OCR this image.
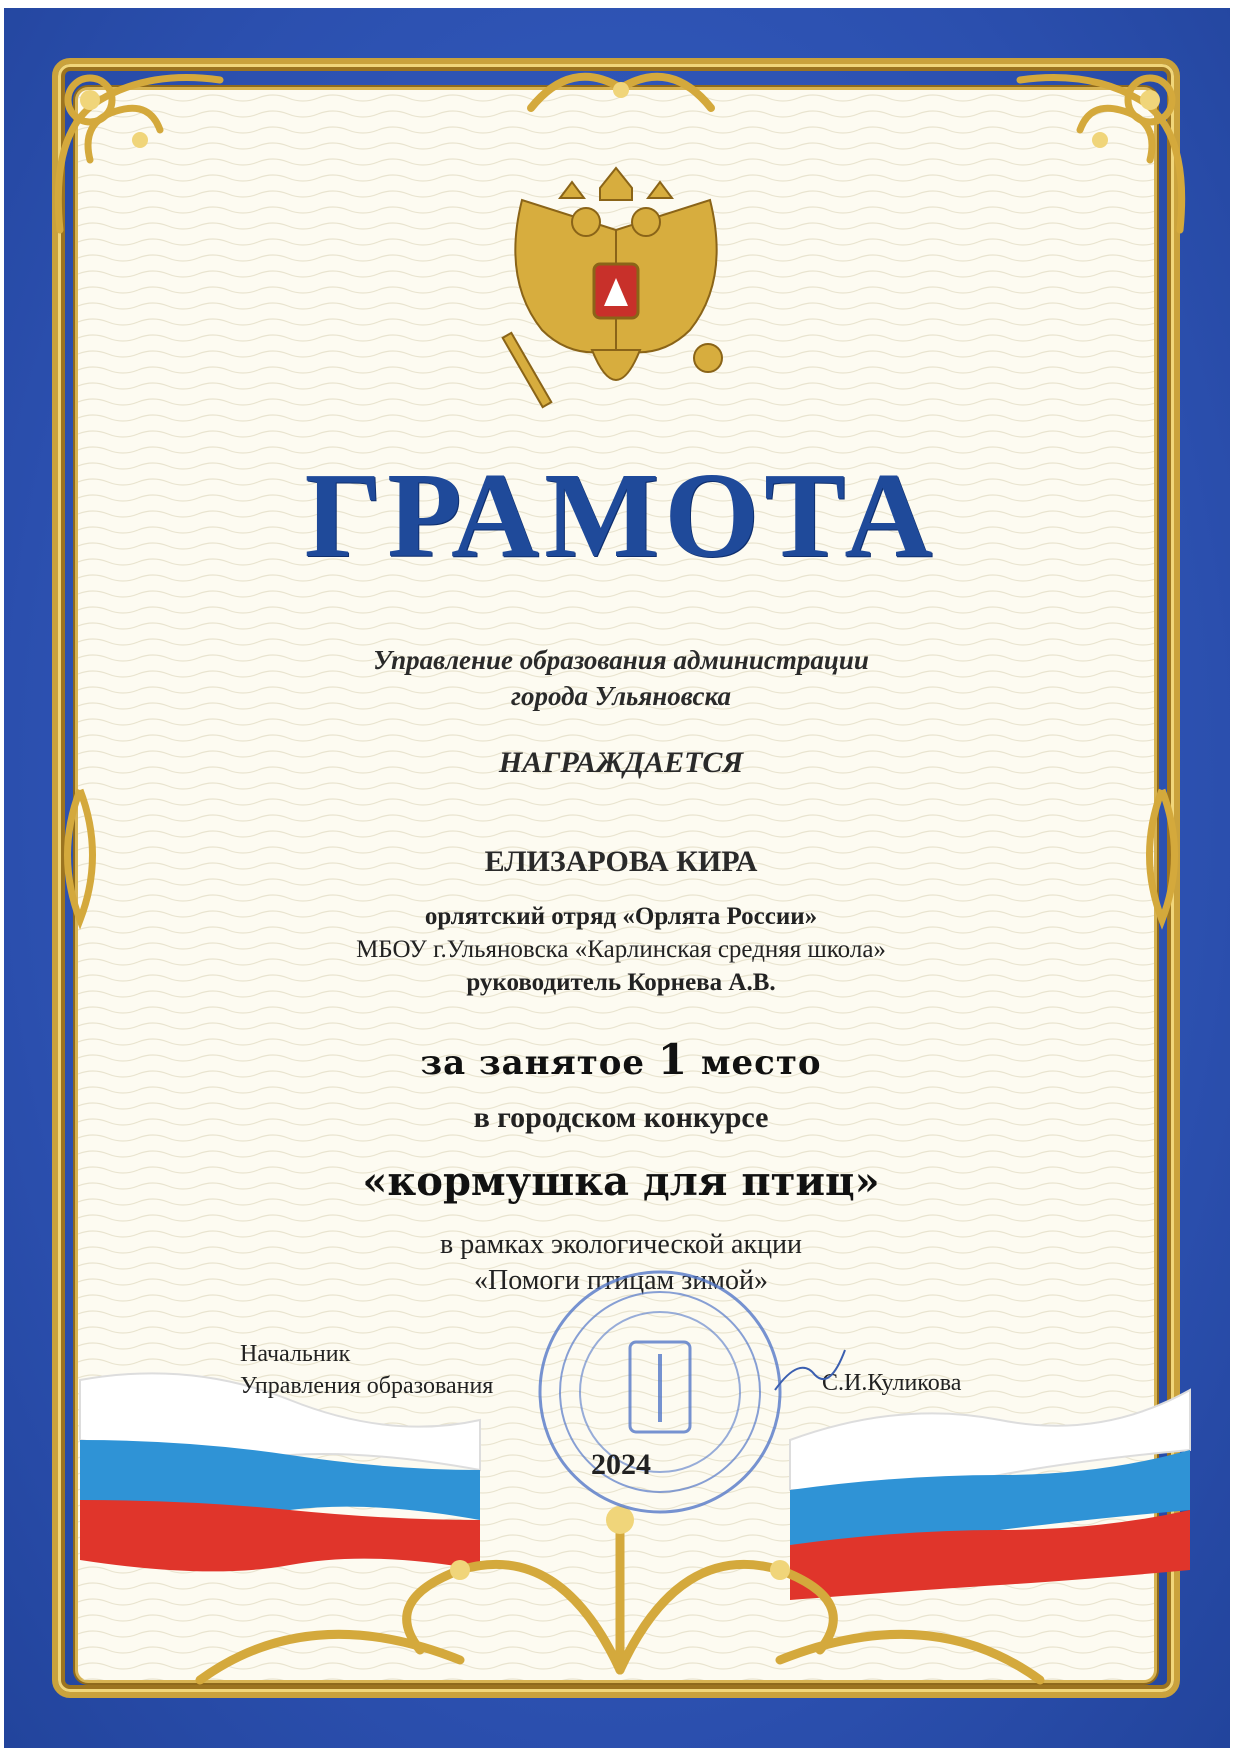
ГРАМОТА
Управление образования администрации
города Ульяновска
НАГРАЖДАЕТСЯ
ЕЛИЗАРОВА КИРА
орлятский отряд «Орлята России»
МБОУ г.Ульяновска «Карлинская средняя школа»
руководитель Корнева А.В.
за занятое 1 место
в городском конкурсе
«кормушка для птиц»
в рамках экологической акции
«Помоги птицам зимой»
Начальник
Управления образования	С.И.Куликова
2024
